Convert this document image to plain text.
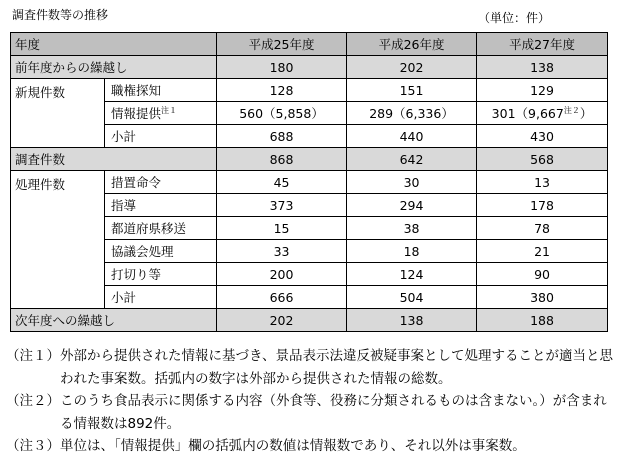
調査件数等の推移	（単位：件）
年度		平成25年度	平成26年度	平成27年度
前年度からの繰越し		180	202	138
新規件数	職権探知	128	151	129
	情報提供$^{注1}$	560（5,858）	289（6,336）	301（9,667$^{注2}$）
	小計	688	440	430
調査件数		868	642	568
処理件数	措置命令	45	30	13
	指導	373	294	178
	都道府県移送	15	38	78
	協議会処理	33	18	21
	打切り等	200	124	90
	小計	666	504	380
次年度への繰越し		202	138	188
（注１） 外部から提供された情報に基づき、景品表示法違反被疑事案として処理することが適当と思われた事案数。括弧内の数字は外部から提供された情報の総数。
（注２） このうち食品表示に関係する内容（外食等、役務に分類されるものは含まない。）が含まれる情報数は892件。
（注３） 単位は、「情報提供」欄の括弧内の数値は情報数であり、それ以外は事案数。
